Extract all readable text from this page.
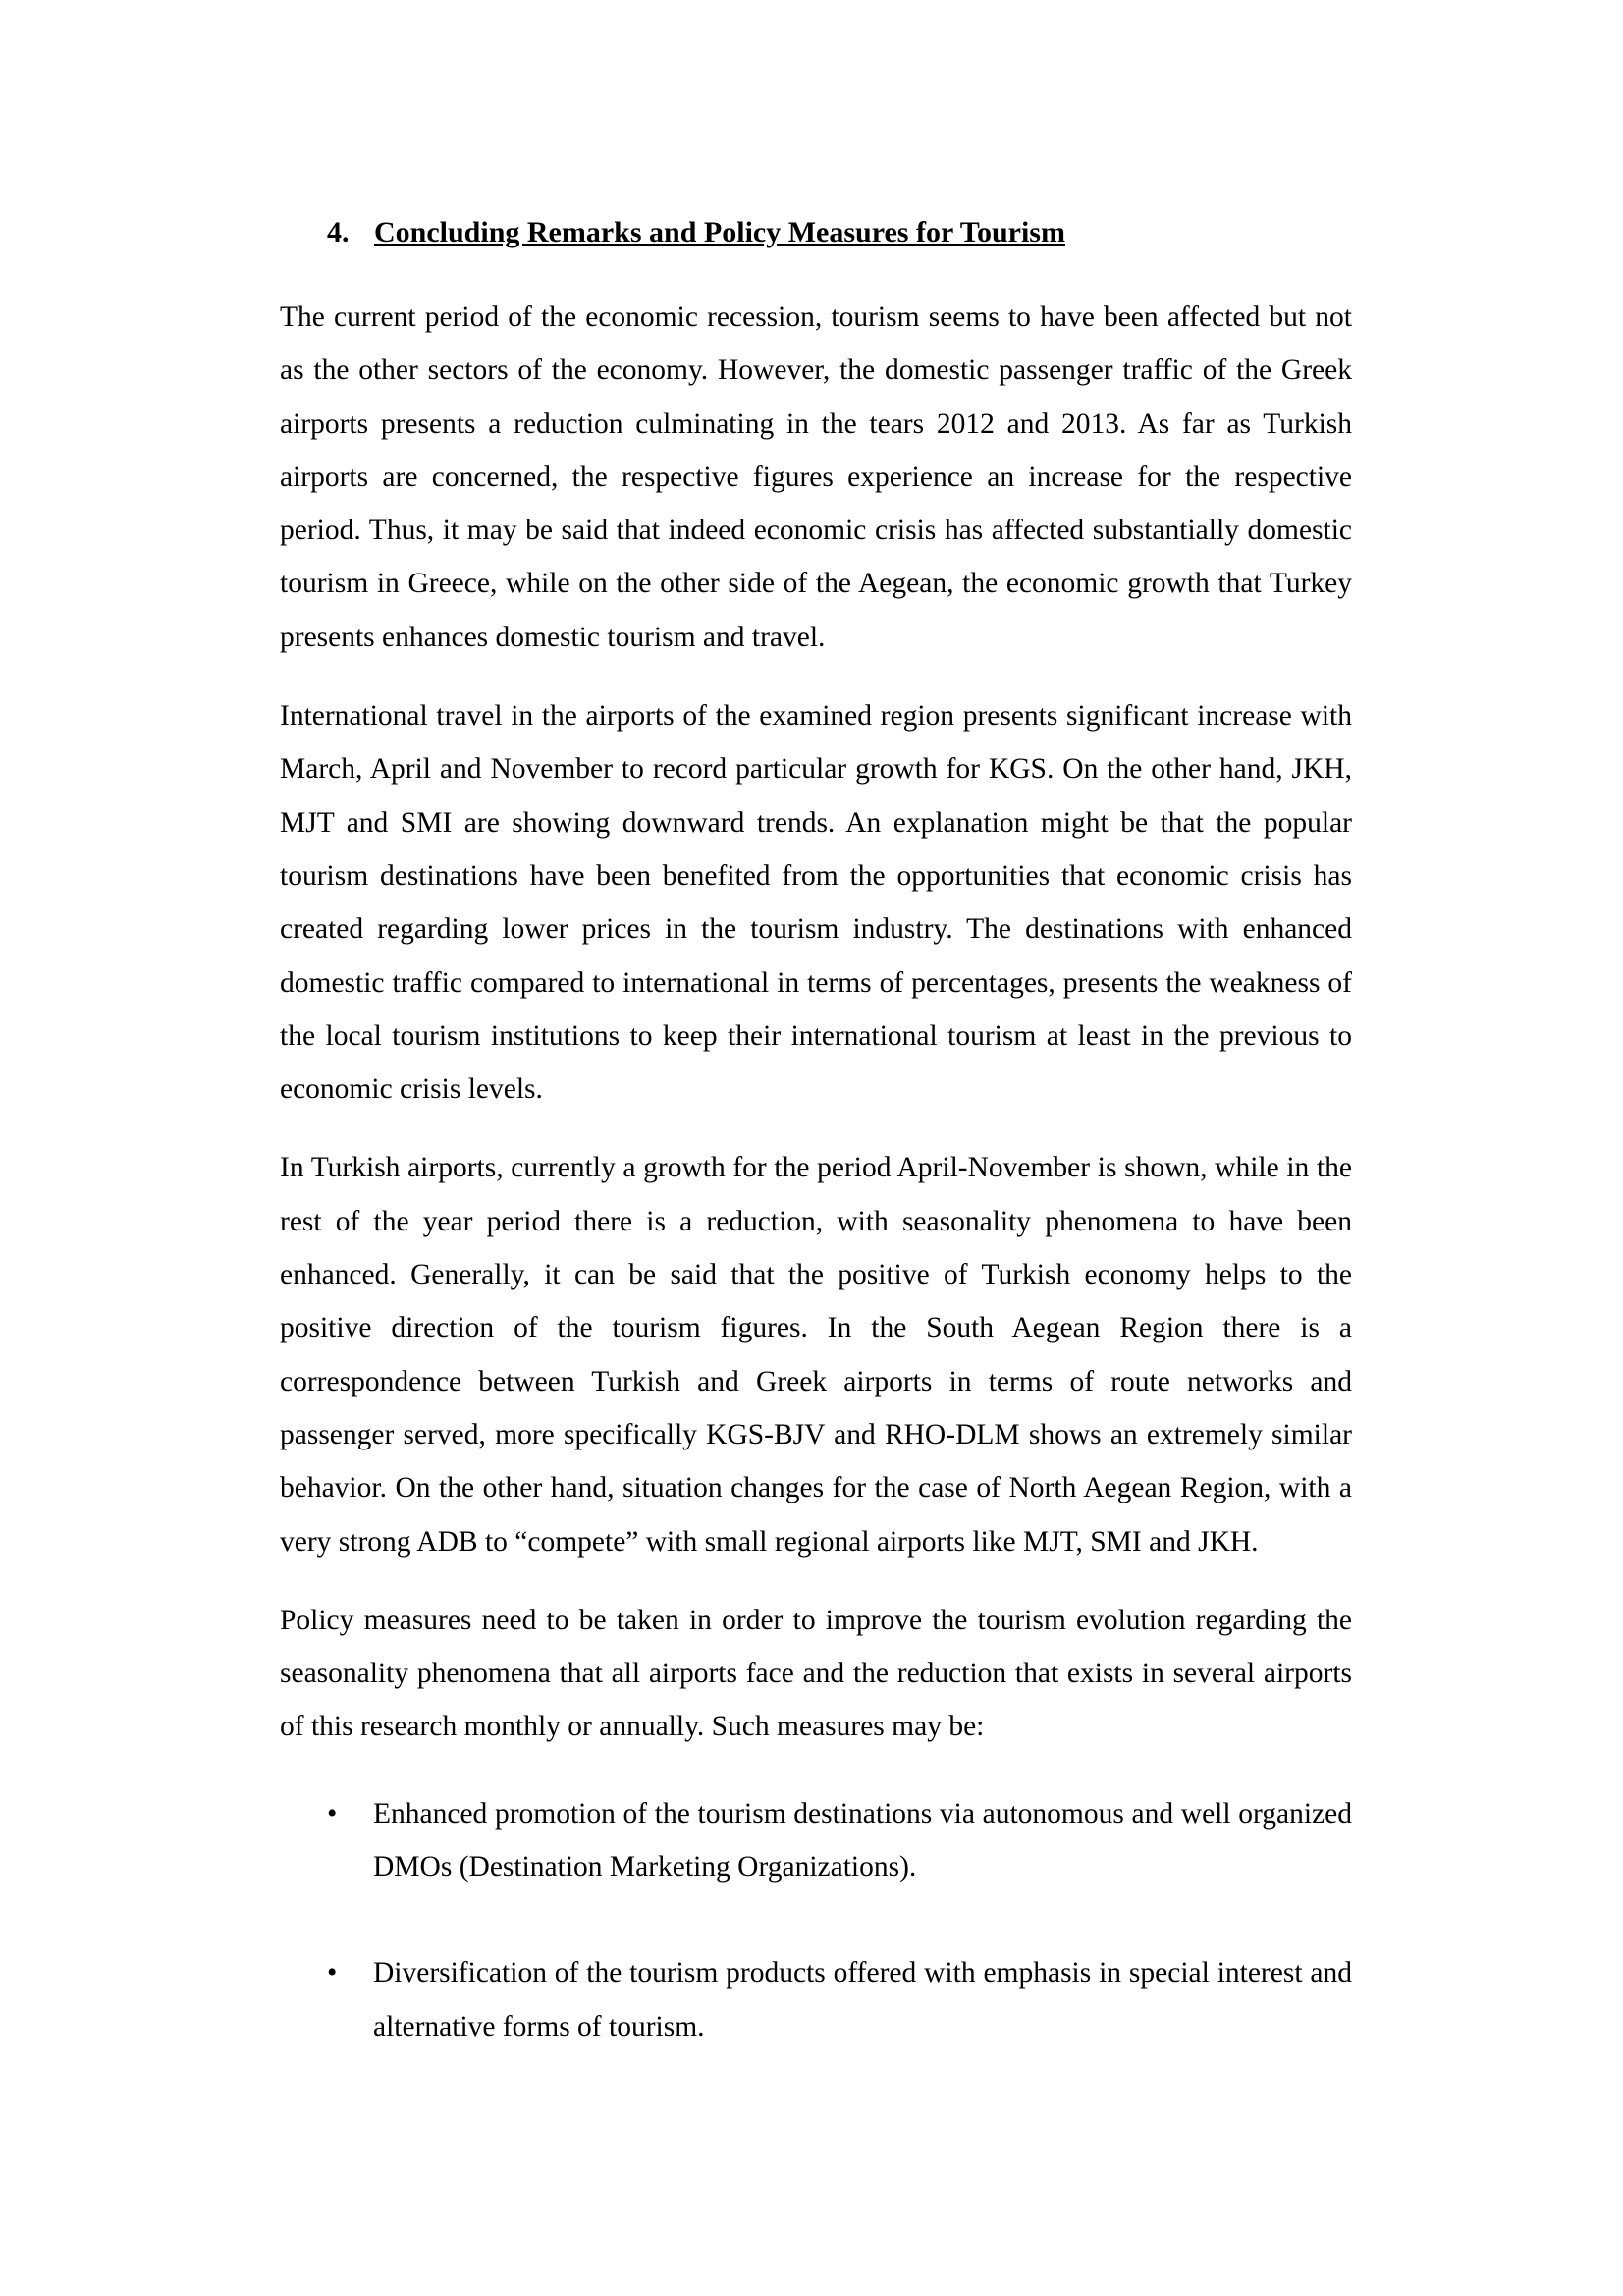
4. Concluding Remarks and Policy Measures for Tourism

The current period of the economic recession, tourism seems to have been affected but not as the other sectors of the economy. However, the domestic passenger traffic of the Greek airports presents a reduction culminating in the tears 2012 and 2013. As far as Turkish airports are concerned, the respective figures experience an increase for the respective period. Thus, it may be said that indeed economic crisis has affected substantially domestic tourism in Greece, while on the other side of the Aegean, the economic growth that Turkey presents enhances domestic tourism and travel.

International travel in the airports of the examined region presents significant increase with March, April and November to record particular growth for KGS. On the other hand, JKH, MJT and SMI are showing downward trends. An explanation might be that the popular tourism destinations have been benefited from the opportunities that economic crisis has created regarding lower prices in the tourism industry. The destinations with enhanced domestic traffic compared to international in terms of percentages, presents the weakness of the local tourism institutions to keep their international tourism at least in the previous to economic crisis levels.

In Turkish airports, currently a growth for the period April-November is shown, while in the rest of the year period there is a reduction, with seasonality phenomena to have been enhanced. Generally, it can be said that the positive of Turkish economy helps to the positive direction of the tourism figures. In the South Aegean Region there is a correspondence between Turkish and Greek airports in terms of route networks and passenger served, more specifically KGS-BJV and RHO-DLM shows an extremely similar behavior. On the other hand, situation changes for the case of North Aegean Region, with a very strong ADB to “compete” with small regional airports like MJT, SMI and JKH.

Policy measures need to be taken in order to improve the tourism evolution regarding the seasonality phenomena that all airports face and the reduction that exists in several airports of this research monthly or annually. Such measures may be:

• Enhanced promotion of the tourism destinations via autonomous and well organized DMOs (Destination Marketing Organizations).
• Diversification of the tourism products offered with emphasis in special interest and alternative forms of tourism.
